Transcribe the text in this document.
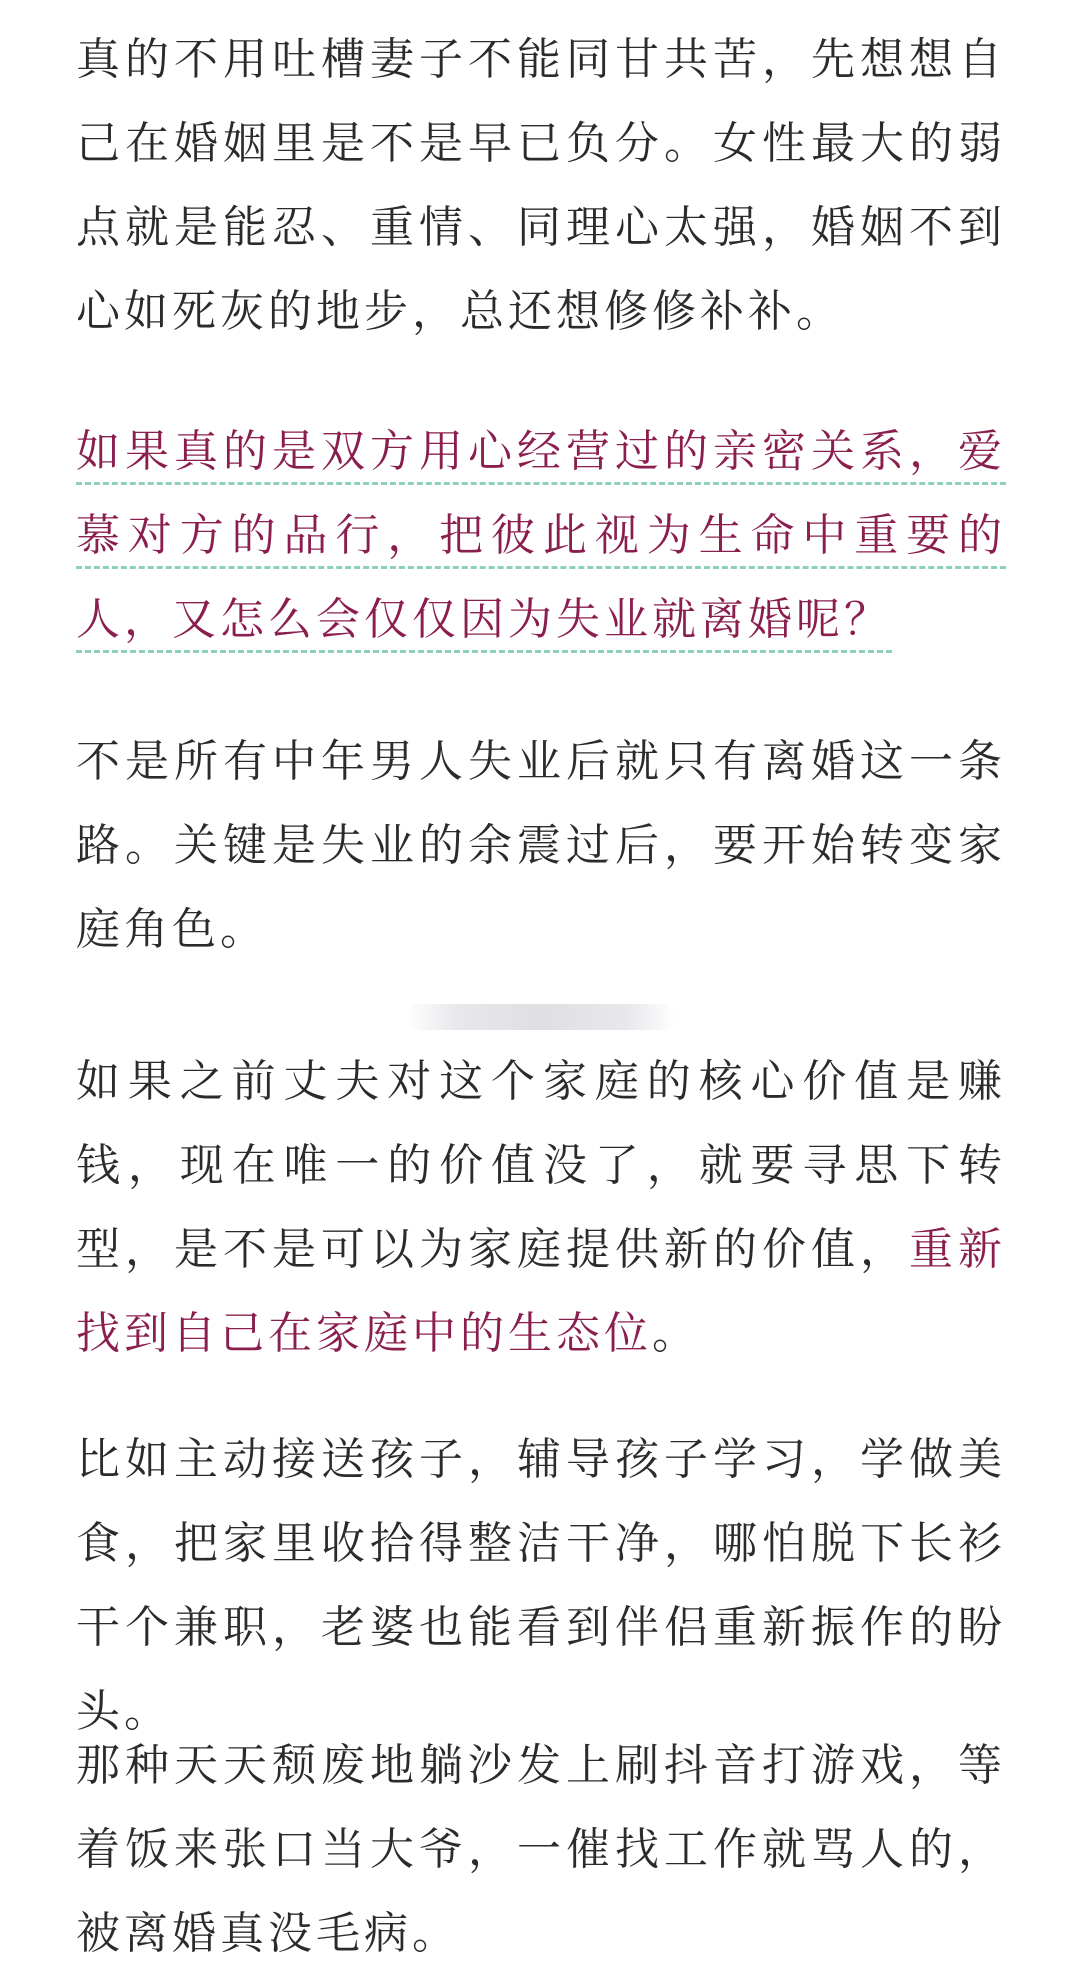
真的不用吐槽妻子不能同甘共苦，先想想自己在婚姻里是不是早已负分。女性最大的弱点就是能忍、重情、同理心太强，婚姻不到心如死灰的地步，总还想修修补补。

如果真的是双方用心经营过的亲密关系，爱慕对方的品行，把彼此视为生命中重要的人，又怎么会仅仅因为失业就离婚呢？

不是所有中年男人失业后就只有离婚这一条路。关键是失业的余震过后，要开始转变家庭角色。

如果之前丈夫对这个家庭的核心价值是赚钱，现在唯一的价值没了，就要寻思下转型，是不是可以为家庭提供新的价值，重新找到自己在家庭中的生态位。

比如主动接送孩子，辅导孩子学习，学做美食，把家里收拾得整洁干净，哪怕脱下长衫干个兼职，老婆也能看到伴侣重新振作的盼头。

那种天天颓废地躺沙发上刷抖音打游戏，等着饭来张口当大爷，一催找工作就骂人的，被离婚真没毛病。
